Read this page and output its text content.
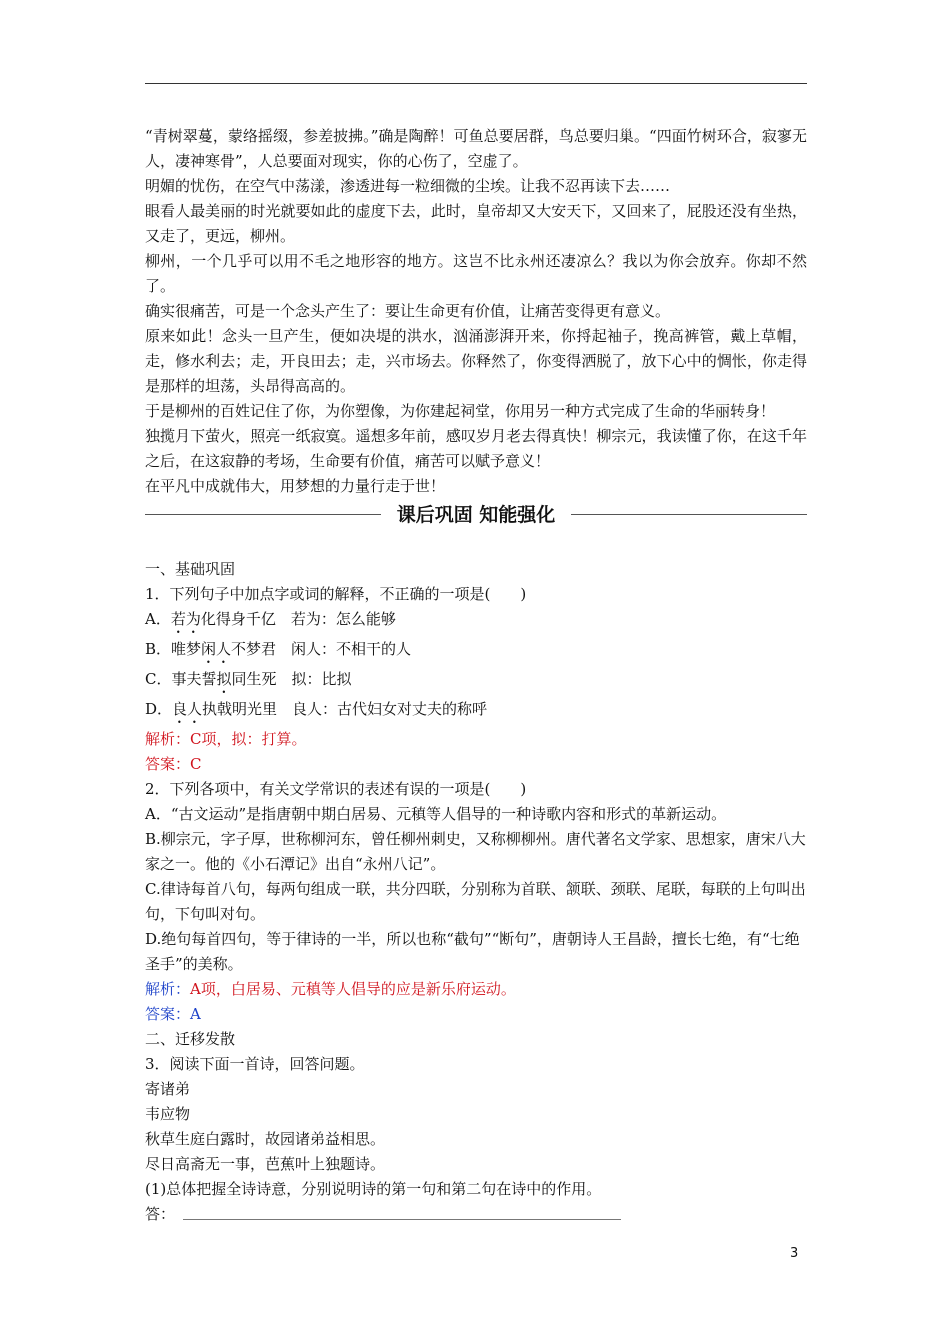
“青树翠蔓，蒙络摇缀，参差披拂。”确是陶醉！可鱼总要居群，鸟总要归巢。“四面竹树环合，寂寥无人，凄神寒骨”，人总要面对现实，你的心伤了，空虚了。

明媚的忧伤，在空气中荡漾，渗透进每一粒细微的尘埃。让我不忍再读下去……

眼看人最美丽的时光就要如此的虚度下去，此时，皇帝却又大安天下，又回来了，屁股还没有坐热，又走了，更远，柳州。

柳州，一个几乎可以用不毛之地形容的地方。这岂不比永州还凄凉么？我以为你会放弃。你却不然了。

确实很痛苦，可是一个念头产生了：要让生命更有价值，让痛苦变得更有意义。

原来如此！念头一旦产生，便如决堤的洪水，汹涌澎湃开来，你捋起袖子，挽高裤管，戴上草帽，走，修水利去；走，开良田去；走，兴市场去。你释然了，你变得洒脱了，放下心中的惆怅，你走得是那样的坦荡，头昂得高高的。

于是柳州的百姓记住了你，为你塑像，为你建起祠堂，你用另一种方式完成了生命的华丽转身！

独揽月下萤火，照亮一纸寂寞。遥想多年前，感叹岁月老去得真快！柳宗元，我读懂了你，在这千年之后，在这寂静的考场，生命要有价值，痛苦可以赋予意义！

在平凡中成就伟大，用梦想的力量行走于世！

课后巩固 知能强化

一、基础巩固

1．下列句子中加点字或词的解释，不正确的一项是(　　)

A．若为化得身千亿　若为：怎么能够

B．唯梦闲人不梦君　闲人：不相干的人

C．事夫誓拟同生死　拟：比拟

D．良人执戟明光里　良人：古代妇女对丈夫的称呼

解析：C项，拟：打算。

答案：C

2．下列各项中，有关文学常识的表述有误的一项是(　　)

A．“古文运动”是指唐朝中期白居易、元稹等人倡导的一种诗歌内容和形式的革新运动。

B.柳宗元，字子厚，世称柳河东，曾任柳州刺史，又称柳柳州。唐代著名文学家、思想家，唐宋八大家之一。他的《小石潭记》出自“永州八记”。

C.律诗每首八句，每两句组成一联，共分四联，分别称为首联、颔联、颈联、尾联，每联的上句叫出句，下句叫对句。

D.绝句每首四句，等于律诗的一半，所以也称“截句”“断句”，唐朝诗人王昌龄，擅长七绝，有“七绝圣手”的美称。

解析：A项，白居易、元稹等人倡导的应是新乐府运动。

答案：A

二、迁移发散

3．阅读下面一首诗，回答问题。

寄诸弟

韦应物

秋草生庭白露时，故园诸弟益相思。

尽日高斋无一事，芭蕉叶上独题诗。

(1)总体把握全诗诗意，分别说明诗的第一句和第二句在诗中的作用。

答：
3
